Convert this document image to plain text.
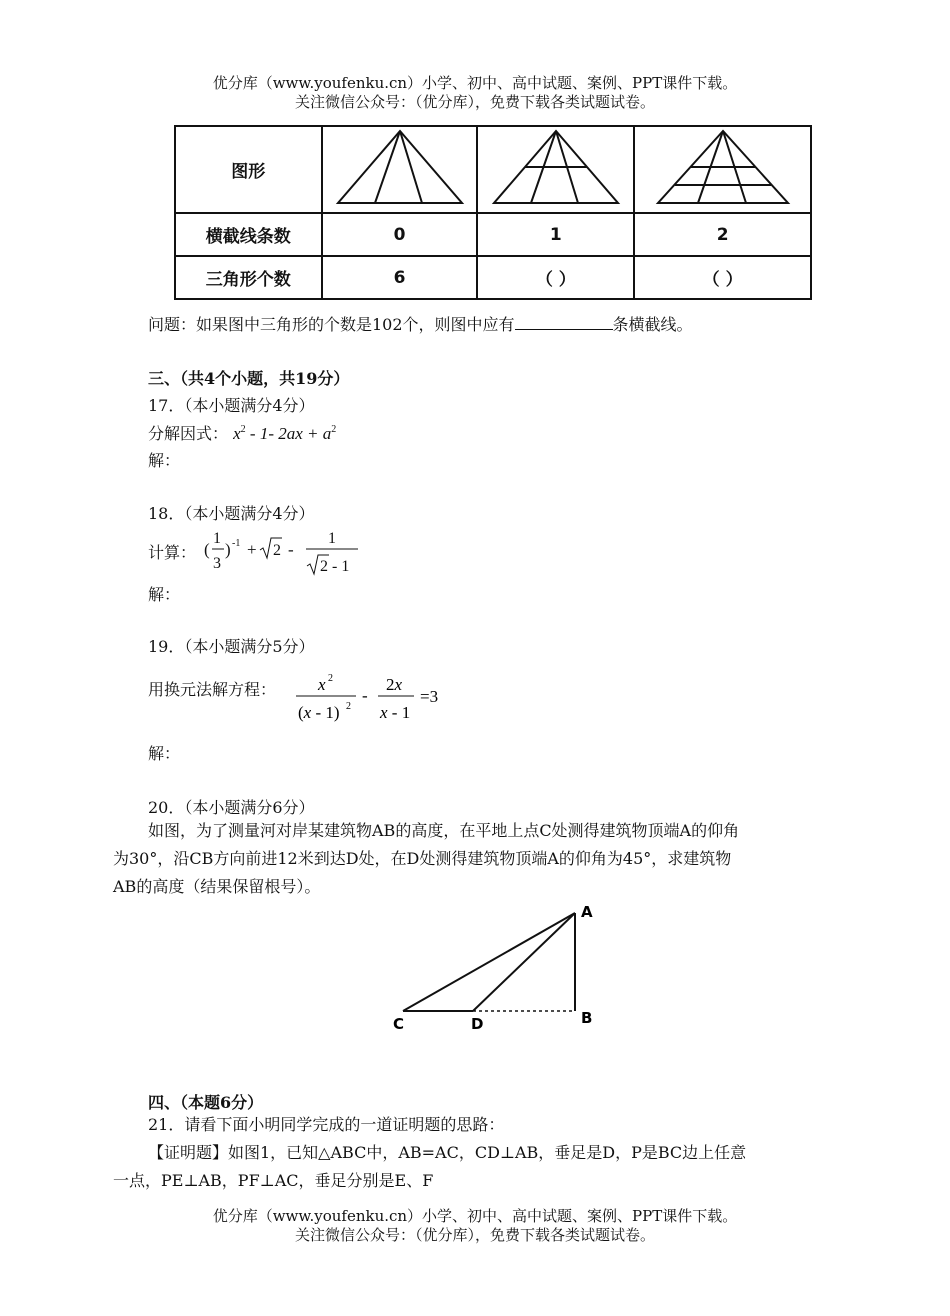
优分库（www.youfenku.cn）小学、初中、高中试题、案例、PPT课件下载。
关注微信公众号：（优分库），免费下载各类试题试卷。
图形			
横截线条数	0	1	2
三角形个数	6	（ ）	（ ）
问题：如果图中三角形的个数是102个，则图中应有	条横截线。
三、（共4个小题，共19分）
17．（本小题满分4分）
分解因式： $x^2 - 1-$ $2ax + a^2$
解：
18．（本小题满分4分）
计算： (
1
3
) -1 + 2 -
1
2 - 1
解：
19．（本小题满分5分）
用换元法解方程： x 2
(x - 1) 2
-
2x
x - 1
=3
解：
20．（本小题满分6分）
如图，为了测量河对岸某建筑物AB的高度，在平地上点C处测得建筑物顶端A的仰角
为30°，沿CB方向前进12米到达D处，在D处测得建筑物顶端A的仰角为45°，求建筑物
AB的高度（结果保留根号）。
A
B
C	D
四、（本题6分）
21．请看下面小明同学完成的一道证明题的思路：
【证明题】如图1，已知△ABC中，AB=AC，CD⊥AB，垂足是D，P是BC边上任意
一点，PE⊥AB，PF⊥AC，垂足分别是E、F
优分库（www.youfenku.cn）小学、初中、高中试题、案例、PPT课件下载。
关注微信公众号：（优分库），免费下载各类试题试卷。
